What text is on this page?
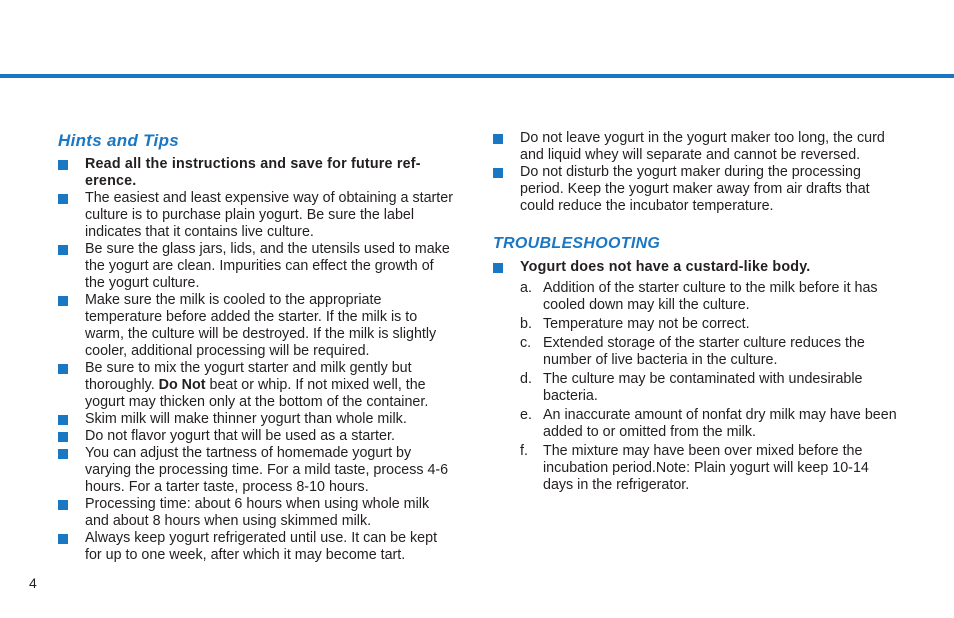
Hints and Tips
Read all the instructions and save for future ref-erence.
The easiest and least expensive way of obtaining a starter culture is to purchase plain yogurt. Be sure the label indicates that it contains live culture.
Be sure the glass jars, lids, and the utensils used to make the yogurt are clean. Impurities can effect the growth of the yogurt culture.
Make sure the milk is cooled to the appropriate temperature before added the starter. If the milk is to warm, the culture will be destroyed. If the milk is slightly cooler, additional processing will be required.
Be sure to mix the yogurt starter and milk gently but thoroughly. Do Not beat or whip. If not mixed well, the yogurt may thicken only at the bottom of the container.
Skim milk will make thinner yogurt than whole milk.
Do not flavor yogurt that will be used as a starter.
You can adjust the tartness of homemade yogurt by varying the processing time. For a mild taste, process 4-6 hours. For a tarter taste, process 8-10 hours.
Processing time: about 6 hours when using whole milk and about 8 hours when using skimmed milk.
Always keep yogurt refrigerated until use. It can be kept for up to one week, after which it may become tart.
Do not leave yogurt in the yogurt maker too long, the curd and liquid whey will separate and cannot be reversed.
Do not disturb the yogurt maker during the processing period. Keep the yogurt maker away from air drafts that could reduce the incubator temperature.
TROUBLESHOOTING
Yogurt does not have a custard-like body.
a. Addition of the starter culture to the milk before it has cooled down may kill the culture.
b. Temperature may not be correct.
c. Extended storage of the starter culture reduces the number of live bacteria in the culture.
d. The culture may be contaminated with undesirable bacteria.
e. An inaccurate amount of nonfat dry milk may have been added to or omitted from the milk.
f.	The mixture may have been over mixed before the incubation period.Note: Plain yogurt will keep 10-14 days in the refrigerator.
4
